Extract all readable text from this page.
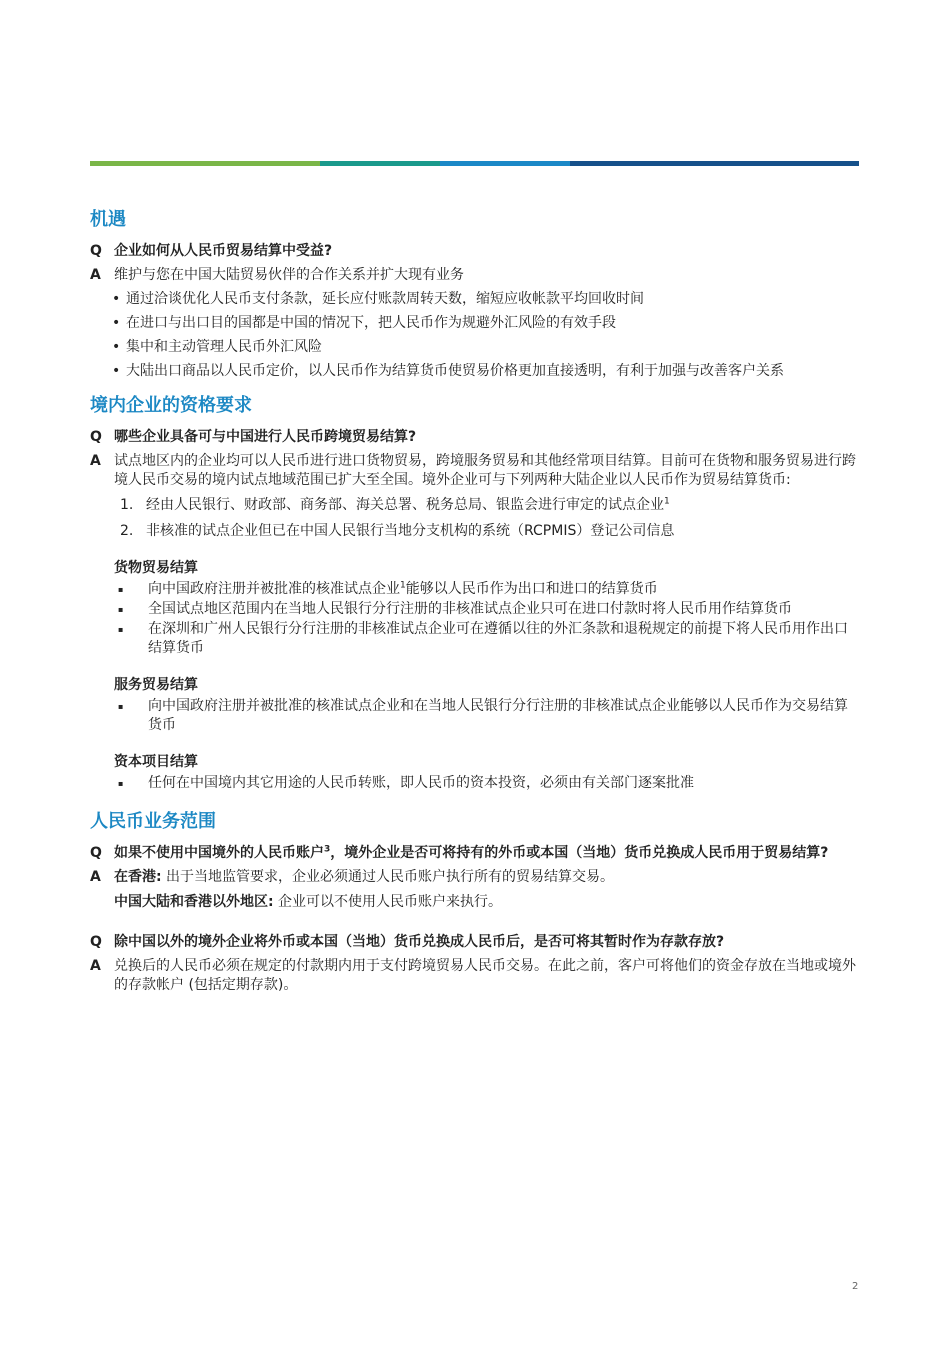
机遇
Q 企业如何从人民币贸易结算中受益?
A 维护与您在中国大陆贸易伙伴的合作关系并扩大现有业务
• 通过洽谈优化人民币支付条款，延长应付账款周转天数，缩短应收帐款平均回收时间
• 在进口与出口目的国都是中国的情况下，把人民币作为规避外汇风险的有效手段
• 集中和主动管理人民币外汇风险
• 大陆出口商品以人民币定价，以人民币作为结算货币使贸易价格更加直接透明，有利于加强与改善客户关系
境内企业的资格要求
Q 哪些企业具备可与中国进行人民币跨境贸易结算?
A 试点地区内的企业均可以人民币进行进口货物贸易，跨境服务贸易和其他经常项目结算。目前可在货物和服务贸易进行跨境人民币交易的境内试点地域范围已扩大至全国。境外企业可与下列两种大陆企业以人民币作为贸易结算货币:
1. 经由人民银行、财政部、商务部、海关总署、税务总局、银监会进行审定的试点企业$^1$
2. 非核准的试点企业但已在中国人民银行当地分支机构的系统（RCPMIS）登记公司信息
货物贸易结算
▪ 向中国政府注册并被批准的核准试点企业$^1$能够以人民币作为出口和进口的结算货币
▪ 全国试点地区范围内在当地人民银行分行注册的非核准试点企业只可在进口付款时将人民币用作结算货币
▪ 在深圳和广州人民银行分行注册的非核准试点企业可在遵循以往的外汇条款和退税规定的前提下将人民币用作出口结算货币
服务贸易结算
▪ 向中国政府注册并被批准的核准试点企业和在当地人民银行分行注册的非核准试点企业能够以人民币作为交易结算货币
资本项目结算
▪ 任何在中国境内其它用途的人民币转账，即人民币的资本投资，必须由有关部门逐案批准
人民币业务范围
Q 如果不使用中国境外的人民币账户$^3$，境外企业是否可将持有的外币或本国（当地）货币兑换成人民币用于贸易结算?
A 在香港: 出于当地监管要求，企业必须通过人民币账户执行所有的贸易结算交易。
中国大陆和香港以外地区: 企业可以不使用人民币账户来执行。
Q 除中国以外的境外企业将外币或本国（当地）货币兑换成人民币后，是否可将其暂时作为存款存放?
A 兑换后的人民币必须在规定的付款期内用于支付跨境贸易人民币交易。在此之前，客户可将他们的资金存放在当地或境外的存款帐户 (包括定期存款)。
2
